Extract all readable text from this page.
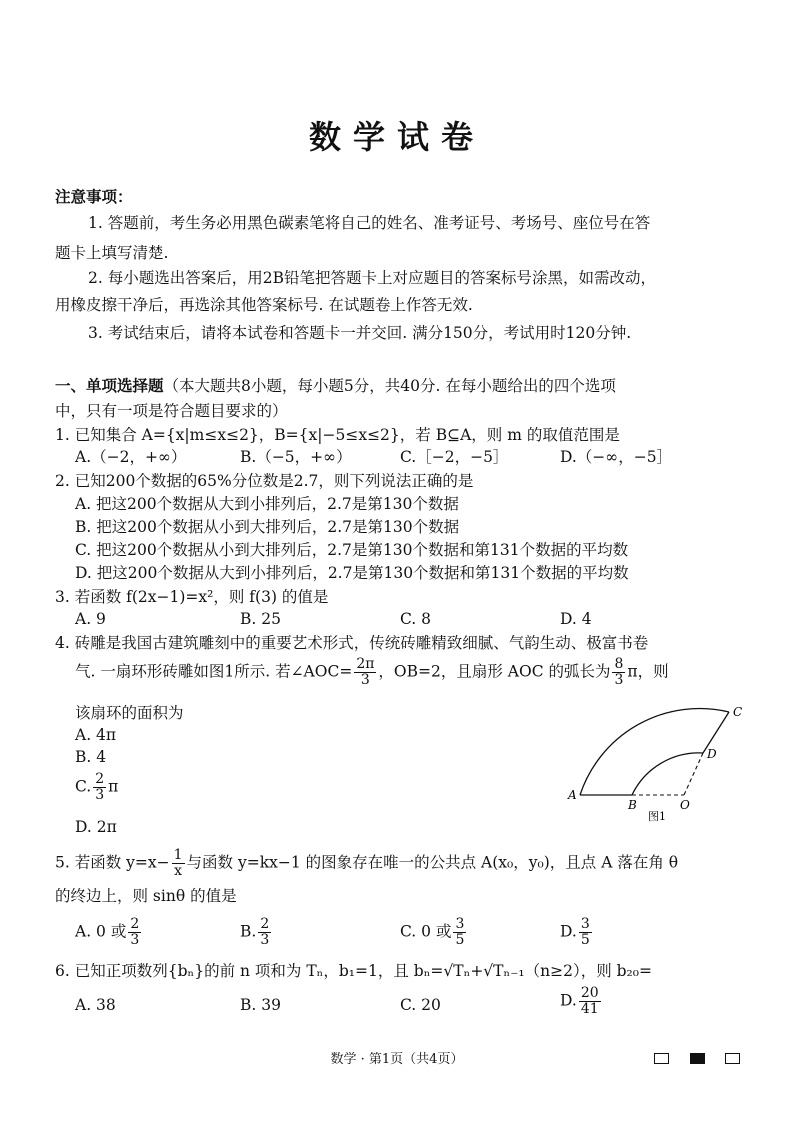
数学试卷
注意事项：
1. 答题前，考生务必用黑色碳素笔将自己的姓名、准考证号、考场号、座位号在答
题卡上填写清楚.
2. 每小题选出答案后，用2B铅笔把答题卡上对应题目的答案标号涂黑，如需改动，
用橡皮擦干净后，再选涂其他答案标号. 在试题卷上作答无效.
3. 考试结束后，请将本试卷和答题卡一并交回. 满分150分，考试用时120分钟.
一、单项选择题（本大题共8小题，每小题5分，共40分. 在每小题给出的四个选项
中，只有一项是符合题目要求的）
1. 已知集合 A={x|m≤x≤2}，B={x|−5≤x≤2}，若 B⊆A，则 m 的取值范围是
A.（−2，+∞）	B.（−5，+∞）	C.［−2，−5］	D.（−∞，−5］
2. 已知200个数据的65%分位数是2.7，则下列说法正确的是
A. 把这200个数据从大到小排列后，2.7是第130个数据
B. 把这200个数据从小到大排列后，2.7是第130个数据
C. 把这200个数据从小到大排列后，2.7是第130个数据和第131个数据的平均数
D. 把这200个数据从大到小排列后，2.7是第130个数据和第131个数据的平均数
3. 若函数 f(2x−1)=x²，则 f(3) 的值是
A. 9	B. 25	C. 8	D. 4
4. 砖雕是我国古建筑雕刻中的重要艺术形式，传统砖雕精致细腻、气韵生动、极富书卷
气. 一扇环形砖雕如图1所示. 若∠AOC= $\frac{2\pi}{3}$ ，OB=2，且扇形 AOC 的弧长为 $\frac{8}{3}$ π，则
该扇环的面积为
A. 4π
B. 4
C. $\frac{2}{3}$ π
D. 2π
A
B
C
D
O
图1
5. 若函数 $y=x- \frac{1}{x}$ 与函数 y=kx−1 的图象存在唯一的公共点 A(x₀，y₀)，且点 A 落在角 θ
的终边上，则 sinθ 的值是
A. 0 或 $\frac{2}{3}$	B. $\frac{2}{3}$	C. 0 或 $\frac{3}{5}$	D. $\frac{3}{5}$
6. 已知正项数列{bₙ}的前 n 项和为 Tₙ，b₁=1，且 bₙ=√Tₙ+√Tₙ₋₁（n≥2），则 b₂₀=
A. 38	B. 39	C. 20	D. $\frac{20}{41}$
数学 · 第1页（共4页）
